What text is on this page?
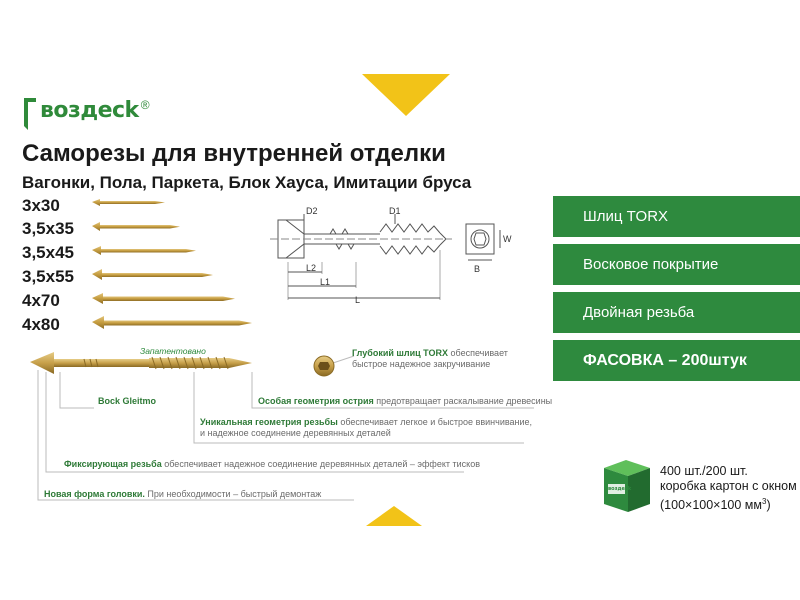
воздeck ®
Саморезы для внутренней отделки
Вагонки, Пола, Паркета, Блок Хауса, Имитации бруса
3x30
3,5x35
3,5x45
3,5x55
4x70
4x80
D2	D1
L2
L1
L
W
B
Шлиц TORX
Восковое покрытие
Двойная резьба
ФАСОВКА – 200штук
Запатентовано
Bock Gleitmo
Глубокий шлиц TORX обеспечивает
быстрое надежное закручивание
Особая геометрия острия предотвращает раскалывание древесины
Уникальная геометрия резьбы обеспечивает легкое и быстрое ввинчивание,
и надежное соединение деревянных деталей
Фиксирующая резьба обеспечивает надежное соединение деревянных деталей – эффект тисков
Новая форма головки. При необходимости – быстрый демонтаж	воздeck
400 шт./200 шт.
коробка картон с окном
(100×100×100 $мм^3$)
